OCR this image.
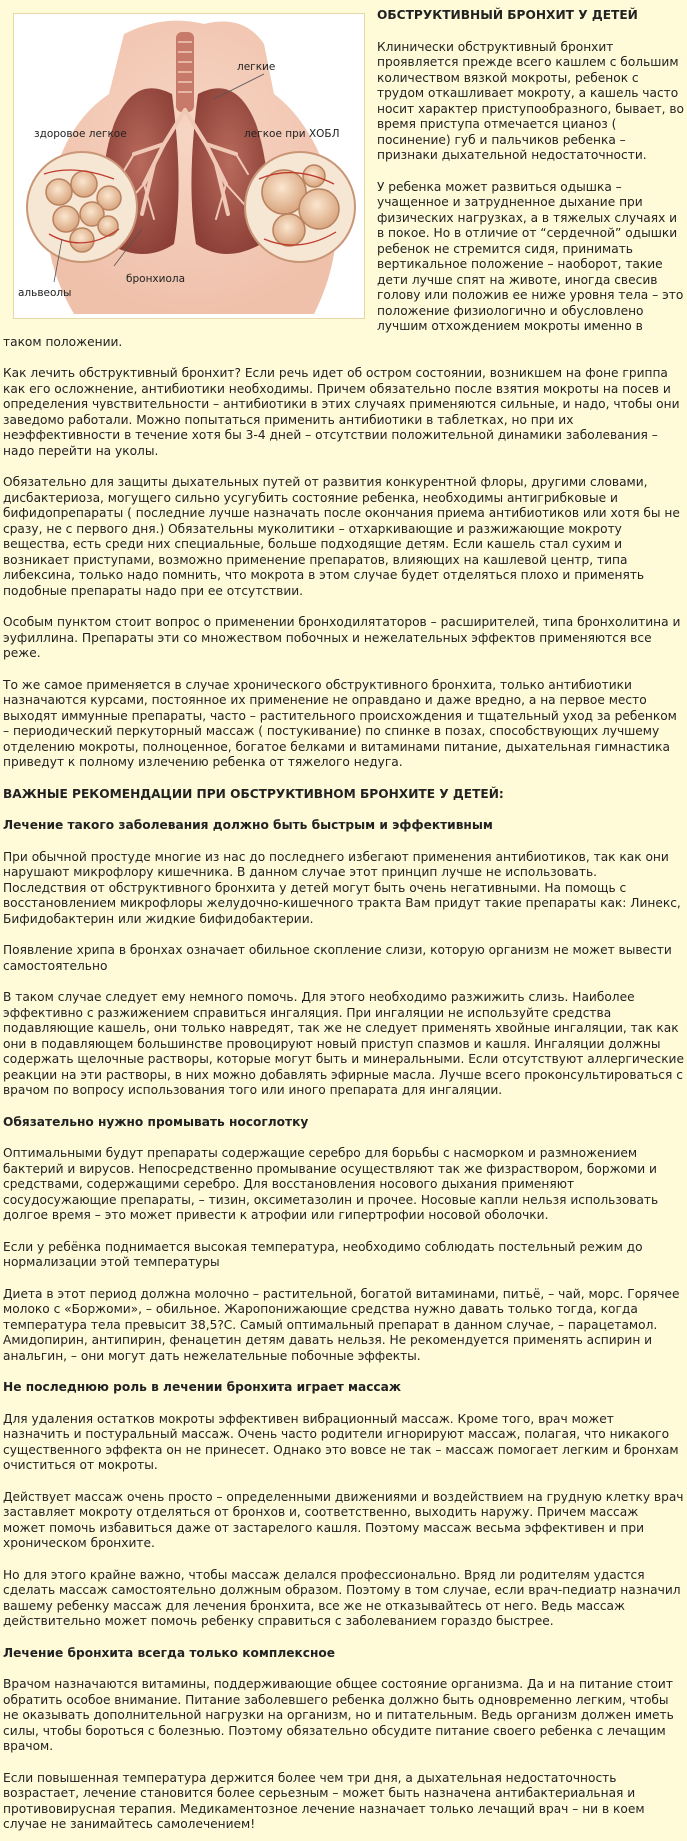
легкие
здоровое легкое	легкое при ХОБЛ
бронхиола
альвеолы
ОБСТРУКТИВНЫЙ БРОНХИТ У ДЕТЕЙ

Клинически обструктивный бронхит проявляется прежде всего кашлем с большим количеством вязкой мокроты, ребенок с трудом откашливает мокроту, а кашель часто носит характер приступообразного, бывает, во время приступа отмечается цианоз ( посинение) губ и пальчиков ребенка – признаки дыхательной недостаточности.

У ребенка может развиться одышка – учащенное и затрудненное дыхание при физических нагрузках, а в тяжелых случаях и в покое. Но в отличие от “сердечной” одышки ребенок не стремится сидя, принимать вертикальное положение – наоборот, такие дети лучше спят на животе, иногда свесив голову или положив ее ниже уровня тела – это положение физиологично и обусловлено лучшим отхождением мокроты именно в таком положении.

Как лечить обструктивный бронхит? Если речь идет об остром состоянии, возникшем на фоне гриппа как его осложнение, антибиотики необходимы. Причем обязательно после взятия мокроты на посев и определения чувствительности – антибиотики в этих случаях применяются сильные, и надо, чтобы они заведомо работали. Можно попытаться применить антибиотики в таблетках, но при их неэффективности в течение хотя бы 3-4 дней – отсутствии положительной динамики заболевания – надо перейти на уколы.

Обязательно для защиты дыхательных путей от развития конкурентной флоры, другими словами, дисбактериоза, могущего сильно усугубить состояние ребенка, необходимы антигрибковые и бифидопрепараты ( последние лучше назначать после окончания приема антибиотиков или хотя бы не сразу, не с первого дня.) Обязательны муколитики – отхаркивающие и разжижающие мокроту вещества, есть среди них специальные, больше подходящие детям. Если кашель стал сухим и возникает приступами, возможно применение препаратов, влияющих на кашлевой центр, типа либексина, только надо помнить, что мокрота в этом случае будет отделяться плохо и применять подобные препараты надо при ее отсутствии.

Особым пунктом стоит вопрос о применении бронходилятаторов – расширителей, типа бронхолитина и эуфиллина. Препараты эти со множеством побочных и нежелательных эффектов применяются все реже.

То же самое применяется в случае хронического обструктивного бронхита, только антибиотики назначаются курсами, постоянное их применение не оправдано и даже вредно, а на первое место выходят иммунные препараты, часто – растительного происхождения и тщательный уход за ребенком – периодический перкуторный массаж ( постукивание) по спинке в позах, способствующих лучшему отделению мокроты, полноценное, богатое белками и витаминами питание, дыхательная гимнастика приведут к полному излечению ребенка от тяжелого недуга.

ВАЖНЫЕ РЕКОМЕНДАЦИИ ПРИ ОБСТРУКТИВНОМ БРОНХИТЕ У ДЕТЕЙ:
Лечение такого заболевания должно быть быстрым и эффективным

При обычной простуде многие из нас до последнего избегают применения антибиотиков, так как они нарушают микрофлору кишечника. В данном случае этот принцип лучше не использовать. Последствия от обструктивного бронхита у детей могут быть очень негативными. На помощь с восстановлением микрофлоры желудочно-кишечного тракта Вам придут такие препараты как: Линекс, Бифидобактерин или жидкие бифидобактерии.

Появление хрипа в бронхах означает обильное скопление слизи, которую организм не может вывести самостоятельно

В таком случае следует ему немного помочь. Для этого необходимо разжижить слизь. Наиболее эффективно с разжижением справиться ингаляция. При ингаляции не используйте средства подавляющие кашель, они только навредят, так же не следует применять хвойные ингаляции, так как они в подавляющем большинстве провоцируют новый приступ спазмов и кашля. Ингаляции должны содержать щелочные растворы, которые могут быть и минеральными. Если отсутствуют аллергические реакции на эти растворы, в них можно добавлять эфирные масла. Лучше всего проконсультироваться с врачом по вопросу использования того или иного препарата для ингаляции.

Обязательно нужно промывать носоглотку

Оптимальными будут препараты содержащие серебро для борьбы с насморком и размножением бактерий и вирусов. Непосредственно промывание осуществляют так же физраствором, боржоми и средствами, содержащими серебро. Для восстановления носового дыхания применяют сосудосужающие препараты, – тизин, оксиметазолин и прочее. Носовые капли нельзя использовать долгое время – это может привести к атрофии или гипертрофии носовой оболочки.

Если у ребёнка поднимается высокая температура, необходимо соблюдать постельный режим до нормализации этой температуры

Диета в этот период должна молочно – растительной, богатой витаминами, питьё, – чай, морс. Горячее молоко с «Боржоми», – обильное. Жаропонижающие средства нужно давать только тогда, когда температура тела превысит 38,5?С. Самый оптимальный препарат в данном случае, – парацетамол. Амидопирин, антипирин, фенацетин детям давать нельзя. Не рекомендуется применять аспирин и анальгин, – они могут дать нежелательные побочные эффекты.

Не последнюю роль в лечении бронхита играет массаж

Для удаления остатков мокроты эффективен вибрационный массаж. Кроме того, врач может назначить и постуральный массаж. Очень часто родители игнорируют массаж, полагая, что никакого существенного эффекта он не принесет. Однако это вовсе не так – массаж помогает легким и бронхам очиститься от мокроты.

Действует массаж очень просто – определенными движениями и воздействием на грудную клетку врач заставляет мокроту отделяться от бронхов и, соответственно, выходить наружу. Причем массаж может помочь избавиться даже от застарелого кашля. Поэтому массаж весьма эффективен и при хроническом бронхите.

Но для этого крайне важно, чтобы массаж делался профессионально. Вряд ли родителям удастся сделать массаж самостоятельно должным образом. Поэтому в том случае, если врач-педиатр назначил вашему ребенку массаж для лечения бронхита, все же не отказывайтесь от него. Ведь массаж действительно может помочь ребенку справиться с заболеванием гораздо быстрее.

Лечение бронхита всегда только комплексное

Врачом назначаются витамины, поддерживающие общее состояние организма. Да и на питание стоит обратить особое внимание. Питание заболевшего ребенка должно быть одновременно легким, чтобы не оказывать дополнительной нагрузки на организм, но и питательным. Ведь организм должен иметь силы, чтобы бороться с болезнью. Поэтому обязательно обсудите питание своего ребенка с лечащим врачом.

Если повышенная температура держится более чем три дня, а дыхательная недостаточность возрастает, лечение становится более серьезным – может быть назначена антибактериальная и противовирусная терапия. Медикаментозное лечение назначает только лечащий врач – ни в коем случае не занимайтесь самолечением!
